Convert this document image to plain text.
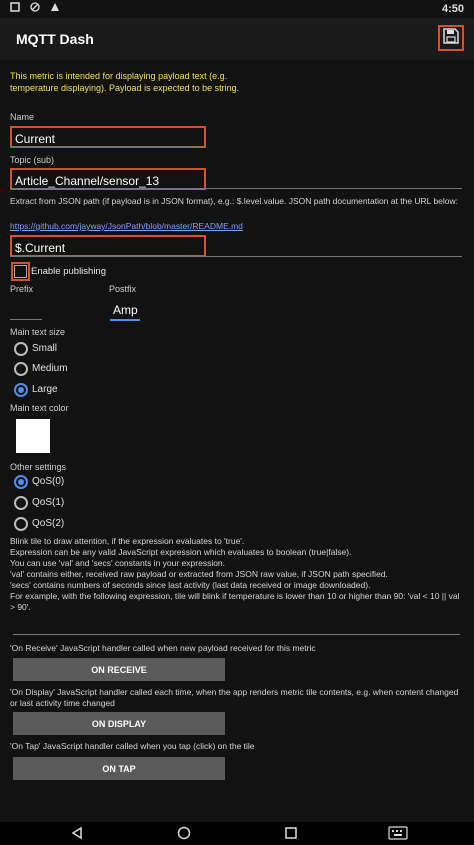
4:50
MQTT Dash
This metric is intended for displaying payload text (e.g. temperature displaying). Payload is expected to be string.
Name
Current
Topic (sub)
Article_Channel/sensor_13
Extract from JSON path (if payload is in JSON format), e.g.: $.level.value. JSON path documentation at the URL below:
https://github.com/jayway/JsonPath/blob/master/README.md
$.Current
Enable publishing
Prefix	Postfix
Amp
Main text size
Small
Medium
Large
Main text color
Other settings
QoS(0)
QoS(1)
QoS(2)
Blink tile to draw attention, if the expression evaluates to 'true'.
Expression can be any valid JavaScript expression which evaluates to boolean (true|false).
You can use 'val' and 'secs' constants in your expression.
'val' contains either, received raw payload or extracted from JSON raw value, if JSON path specified.
'secs' contains numbers of seconds since last activity (last data received or image downloaded).
For example, with the following expression, tile will blink if temperature is lower than 10 or higher than 90: 'val < 10 || val > 90'.
'On Receive' JavaScript handler called when new payload received for this metric
ON RECEIVE
'On Display' JavaScript handler called each time, when the app renders metric tile contents, e.g. when content changed or last activity time changed
ON DISPLAY
'On Tap' JavaScript handler called when you tap (click) on the tile
ON TAP
